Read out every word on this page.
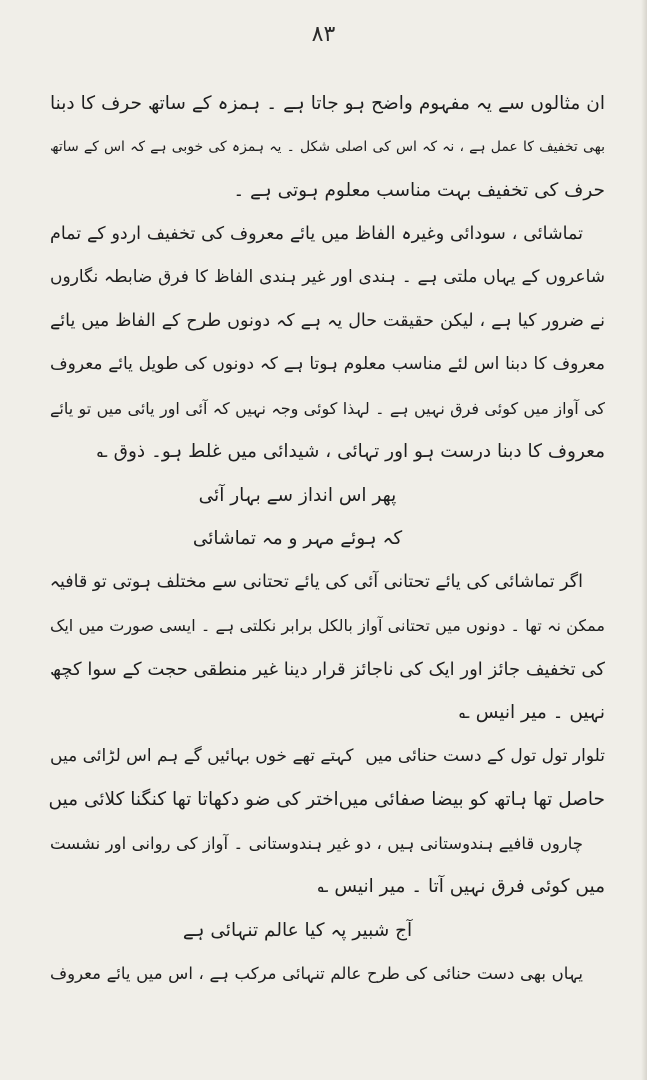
۸۳
ان مثالوں سے یہ مفہوم واضح ہو جاتا ہے ۔ ہمزہ کے ساتھ حرف کا دبنا
بھی تخفیف کا عمل ہے ، نہ کہ اس کی اصلی شکل ۔ یہ ہمزہ کی خوبی ہے کہ اس کے ساتھ
حرف کی تخفیف بہت مناسب معلوم ہوتی ہے ۔
تماشائی ، سودائی وغیرہ الفاظ میں یائے معروف کی تخفیف اردو کے تمام
شاعروں کے یہاں ملتی ہے ۔ ہندی اور غیر ہندی الفاظ کا فرق ضابطہ نگاروں
نے ضرور کیا ہے ، لیکن حقیقت حال یہ ہے کہ دونوں طرح کے الفاظ میں یائے
معروف کا دبنا اس لئے مناسب معلوم ہوتا ہے کہ دونوں کی طویل یائے معروف
کی آواز میں کوئی فرق نہیں ہے ۔ لہذا کوئی وجہ نہیں کہ آئی اور یائی میں تو یائے
معروف کا دبنا درست ہو اور تہائی ، شیدائی میں غلط ہو۔ ذوق ؎
پھر اس انداز سے بہار آئی
کہ ہوئے مہر و مہ تماشائی
اگر تماشائی کی یائے تحتانی آئی کی یائے تحتانی سے مختلف ہوتی تو قافیہ
ممکن نہ تھا ۔ دونوں میں تحتانی آواز بالکل برابر نکلتی ہے ۔ ایسی صورت میں ایک
کی تخفیف جائز اور ایک کی ناجائز قرار دینا غیر منطقی حجت کے سوا کچھ
نہیں ۔ میر انیس ؎
تلوار تول تول کے دست حنائی میں
کہتے تھے خوں بہائیں گے ہم اس لڑائی میں
حاصل تھا ہاتھ کو بیضا صفائی میں
اختر کی ضو دکھاتا تھا کنگنا کلائی میں
چاروں قافیے ہندوستانی ہیں ، دو غیر ہندوستانی ۔ آواز کی روانی اور نشست
میں کوئی فرق نہیں آتا ۔ میر انیس ؎
آج شبیر پہ کیا عالم تنہائی ہے
یہاں بھی دست حنائی کی طرح عالم تنہائی مرکب ہے ، اس میں یائے معروف
